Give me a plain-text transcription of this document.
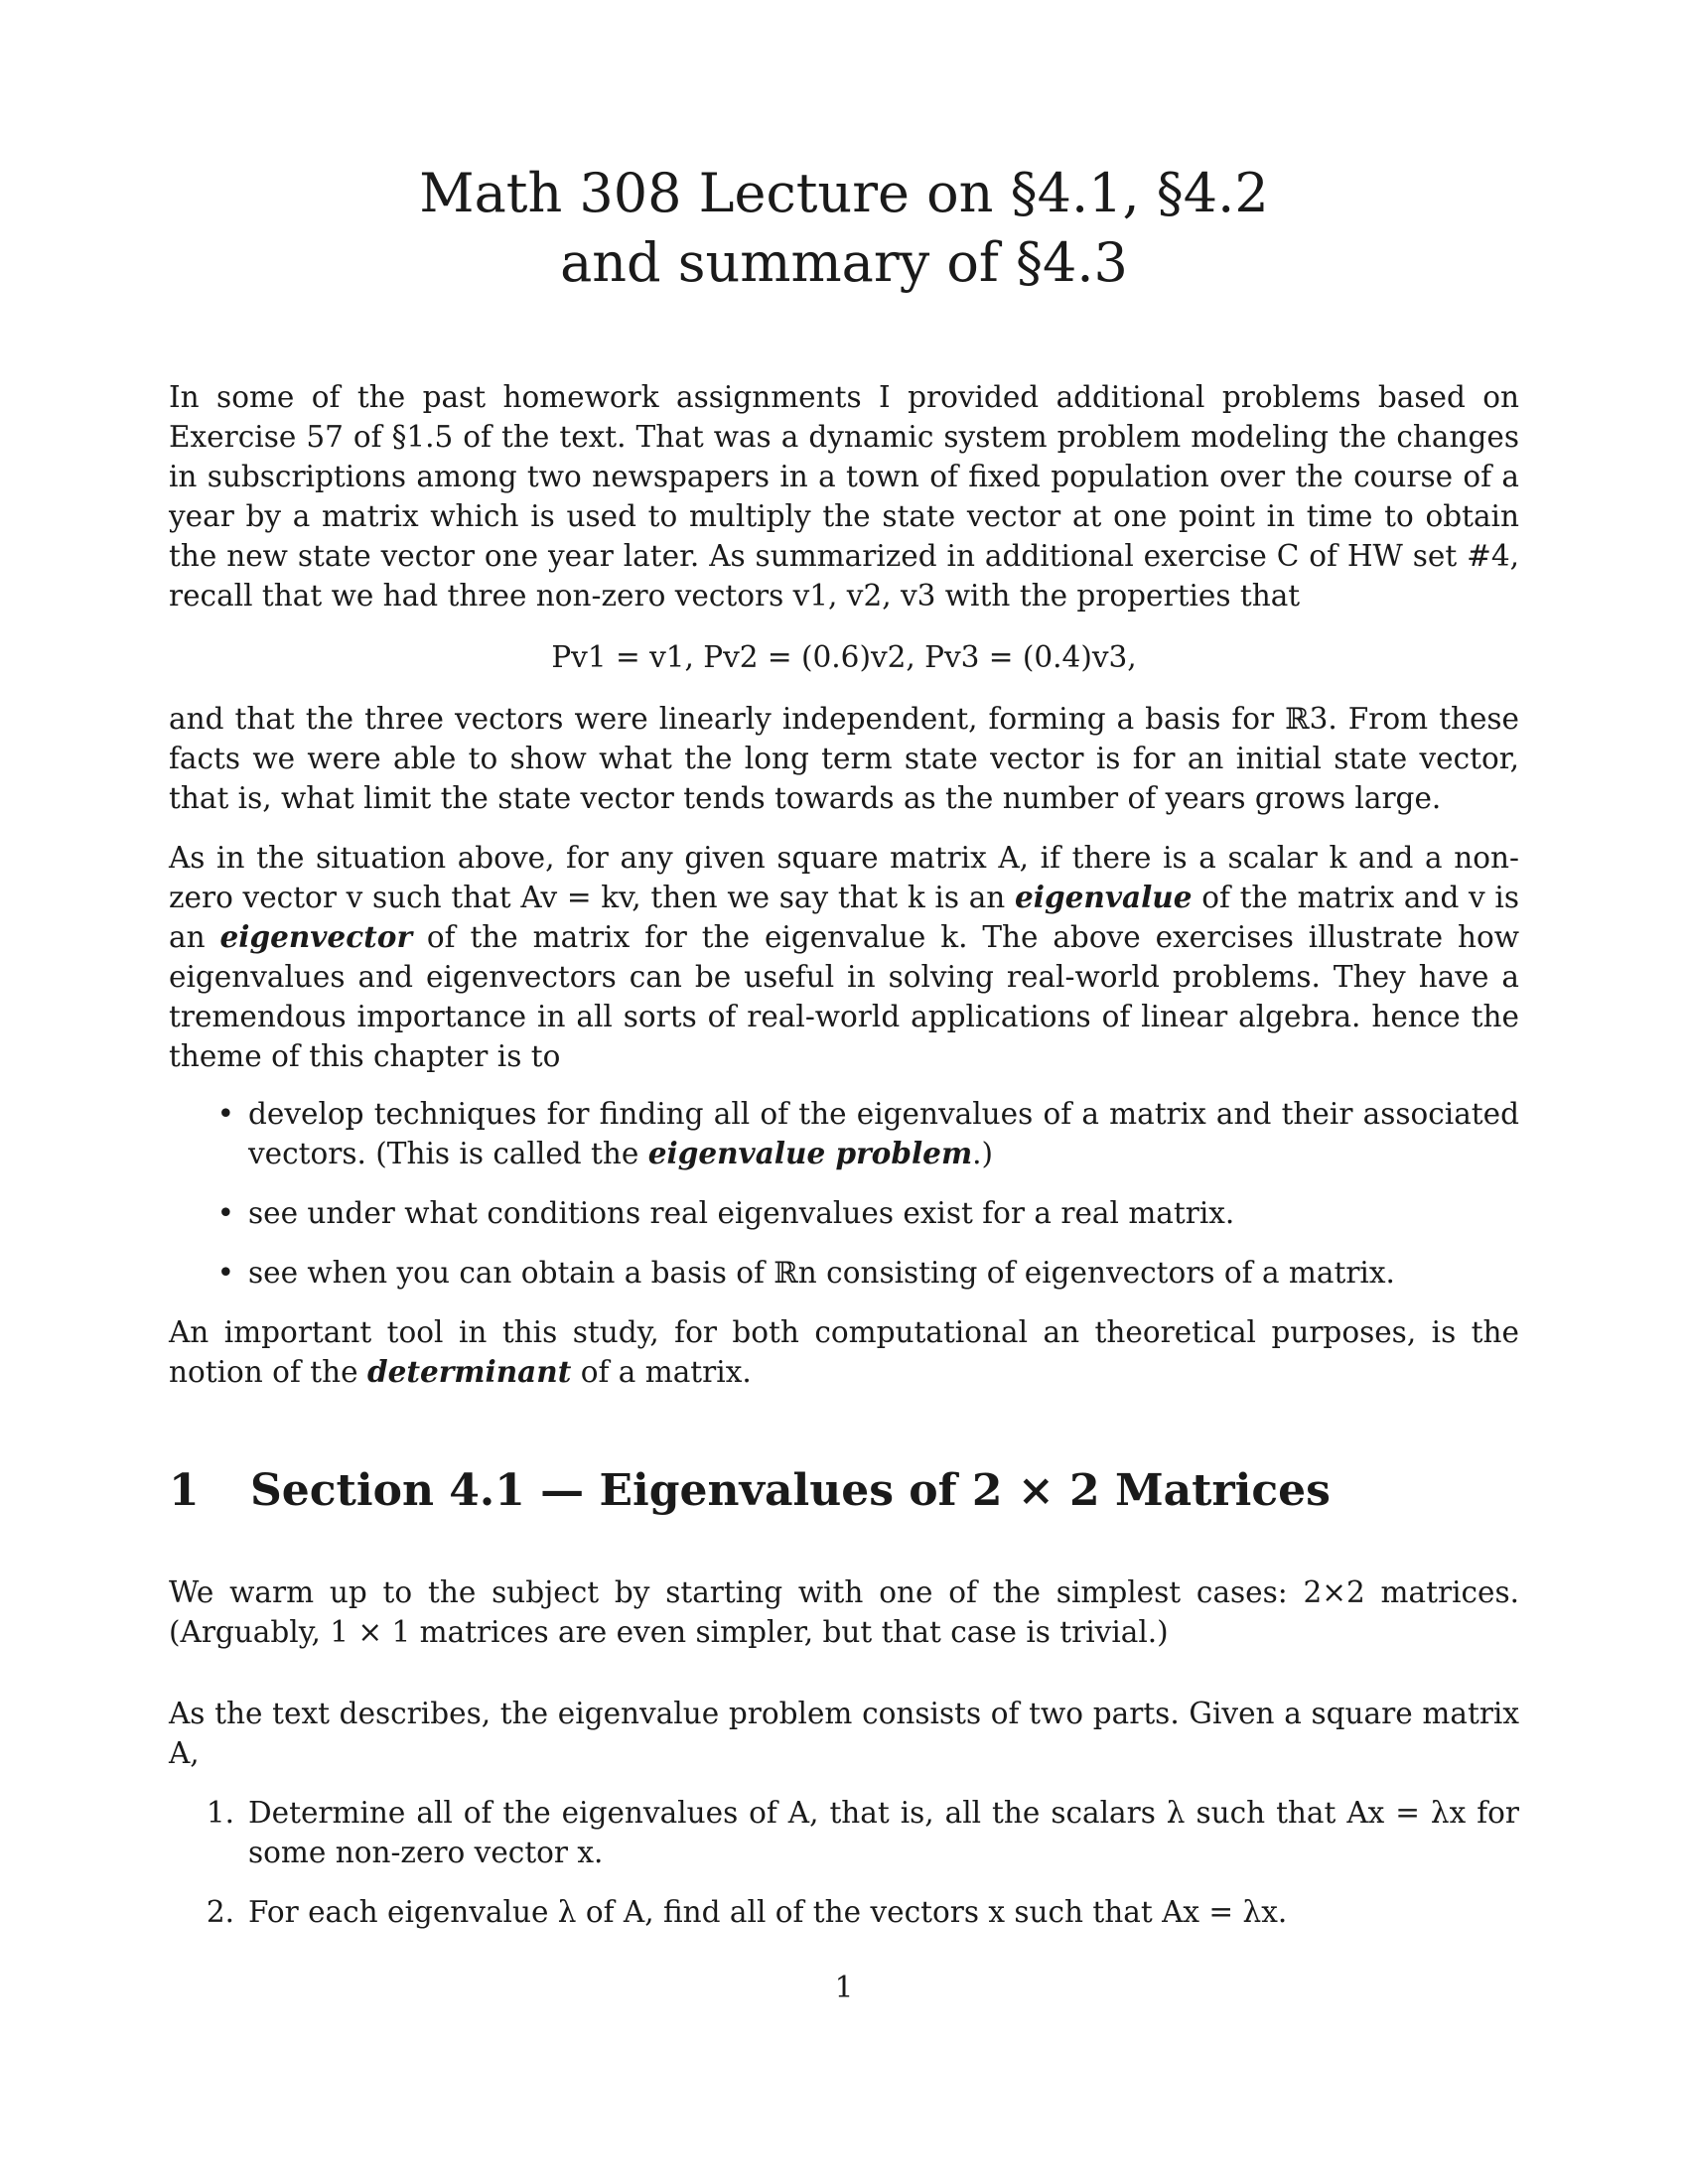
Math 308 Lecture on §4.1, §4.2
and summary of §4.3

In some of the past homework assignments I provided additional problems based on Exercise 57 of §1.5 of the text. That was a dynamic system problem modeling the changes in subscriptions among two newspapers in a town of fixed population over the course of a year by a matrix which is used to multiply the state vector at one point in time to obtain the new state vector one year later. As summarized in additional exercise C of HW set #4, recall that we had three non-zero vectors v1, v2, v3 with the properties that

Pv1 = v1, Pv2 = (0.6)v2, Pv3 = (0.4)v3,

and that the three vectors were linearly independent, forming a basis for ℝ3. From these facts we were able to show what the long term state vector is for an initial state vector, that is, what limit the state vector tends towards as the number of years grows large.

As in the situation above, for any given square matrix A, if there is a scalar k and a non-zero vector v such that Av = kv, then we say that k is an eigenvalue of the matrix and v is an eigenvector of the matrix for the eigenvalue k. The above exercises illustrate how eigenvalues and eigenvectors can be useful in solving real-world problems. They have a tremendous importance in all sorts of real-world applications of linear algebra. hence the theme of this chapter is to

• develop techniques for finding all of the eigenvalues of a matrix and their associated vectors. (This is called the eigenvalue problem.)
• see under what conditions real eigenvalues exist for a real matrix.
• see when you can obtain a basis of ℝn consisting of eigenvectors of a matrix.

An important tool in this study, for both computational an theoretical purposes, is the notion of the determinant of a matrix.

1	Section 4.1 — Eigenvalues of 2 × 2 Matrices

We warm up to the subject by starting with one of the simplest cases: 2×2 matrices. (Arguably, 1 × 1 matrices are even simpler, but that case is trivial.)

As the text describes, the eigenvalue problem consists of two parts. Given a square matrix A,

1. Determine all of the eigenvalues of A, that is, all the scalars λ such that Ax = λx for some non-zero vector x.
2. For each eigenvalue λ of A, find all of the vectors x such that Ax = λx.
1
